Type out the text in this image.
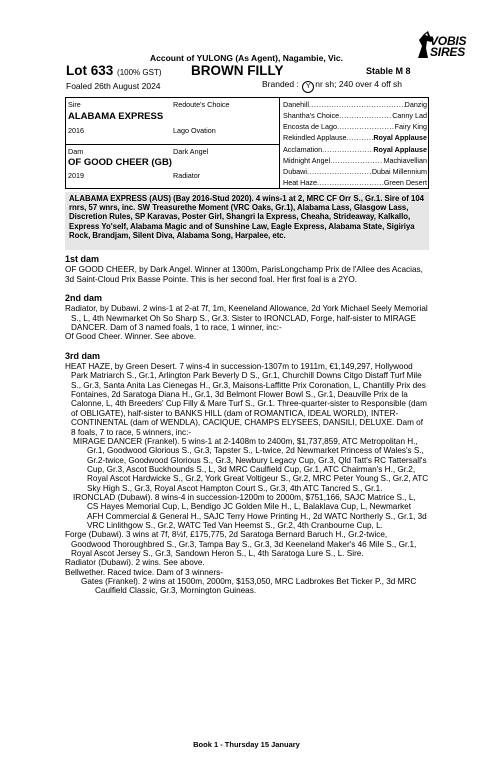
VOBIS
SIRES
Account of YULONG (As Agent), Nagambie, Vic.
Lot 633 (100% GST) BROWN FILLY	Stable M 8
Foaled 26th August 2024	Branded : Y nr sh; 240 over 4 off sh
Sire	Redoute's Choice
ALABAMA EXPRESS
2016	Lago Ovation
Dam	Dark Angel
OF GOOD CHEER (GB)
2019	Radiator
Danehill .....	Danzig
Shantha's Choice .....	Canny Lad
Encosta de Lago .....	Fairy King
Rekindled Applause .....	Royal Applause
Acclamation .....	Royal Applause
Midnight Angel .....	Machiavellian
Dubawi .....	Dubai Millennium
Heat Haze .....	Green Desert

ALABAMA EXPRESS (AUS) (Bay 2016-Stud 2020). 4 wins-1 at 2, MRC CF Orr S., Gr.1. Sire of 104 rnrs, 57 wnrs, inc. SW Treasurethe Moment (VRC Oaks, Gr.1), Alabama Lass, Glasgow Lass, Discretion Rules, SP Karavas, Poster Girl, Shangri la Express, Cheaha, Strideaway, Kalkallo, Express Yo'self, Alabama Magic and of Sunshine Law, Eagle Express, Alabama State, Sigiriya Rock, Brandjam, Silent Diva, Alabama Song, Harpalee, etc.

1st dam

OF GOOD CHEER, by Dark Angel. Winner at 1300m, ParisLongchamp Prix de l'Allee des Acacias, 3d Saint-Cloud Prix Basse Pointe. This is her second foal. Her first foal is a 2YO.

2nd dam

Radiator, by Dubawi. 2 wins-1 at 2-at 7f, 1m, Keeneland Allowance, 2d York Michael Seely Memorial S., L, 4th Newmarket Oh So Sharp S., Gr.3. Sister to IRONCLAD, Forge, half-sister to MIRAGE DANCER. Dam of 3 named foals, 1 to race, 1 winner, inc:-

Of Good Cheer. Winner. See above.

3rd dam

HEAT HAZE, by Green Desert. 7 wins-4 in succession-1307m to 1911m, €1,149,297, Hollywood Park Matriarch S., Gr.1, Arlington Park Beverly D S., Gr.1, Churchill Downs Citgo Distaff Turf Mile S., Gr.3, Santa Anita Las Cienegas H., Gr.3, Maisons-Laffitte Prix Coronation, L, Chantilly Prix des Fontaines, 2d Saratoga Diana H., Gr.1, 3d Belmont Flower Bowl S., Gr.1, Deauville Prix de la Calonne, L, 4th Breeders' Cup Filly & Mare Turf S., Gr.1. Three-quarter-sister to Responsible (dam of OBLIGATE), half-sister to BANKS HILL (dam of ROMANTICA, IDEAL WORLD), INTER-CONTINENTAL (dam of WENDLA), CACIQUE, CHAMPS ELYSEES, DANSILI, DELUXE. Dam of 8 foals, 7 to race, 5 winners, inc:-

MIRAGE DANCER (Frankel). 5 wins-1 at 2-1408m to 2400m, $1,737,859, ATC Metropolitan H., Gr.1, Goodwood Glorious S., Gr.3, Tapster S., L-twice, 2d Newmarket Princess of Wales's S., Gr.2-twice, Goodwood Glorious S., Gr.3, Newbury Legacy Cup, Gr.3, Qld Tatt's RC Tattersall's Cup, Gr.3, Ascot Buckhounds S., L, 3d MRC Caulfield Cup, Gr.1, ATC Chairman's H., Gr.2, Royal Ascot Hardwicke S., Gr.2, York Great Voltigeur S., Gr.2, MRC Peter Young S., Gr.2, ATC Sky High S., Gr.3, Royal Ascot Hampton Court S., Gr.3, 4th ATC Tancred S., Gr.1.

IRONCLAD (Dubawi). 8 wins-4 in succession-1200m to 2000m, $751,166, SAJC Matrice S., L, CS Hayes Memorial Cup, L, Bendigo JC Golden Mile H., L, Balaklava Cup, L, Newmarket AFH Commercial & General H., SAJC Terry Howe Printing H., 2d WATC Northerly S., Gr.1, 3d VRC Linlithgow S., Gr.2, WATC Ted Van Heemst S., Gr.2, 4th Cranbourne Cup, L.

Forge (Dubawi). 3 wins at 7f, 8½f, £175,775, 2d Saratoga Bernard Baruch H., Gr.2-twice, Goodwood Thoroughbred S., Gr.3, Tampa Bay S., Gr.3, 3d Keeneland Maker's 46 Mile S., Gr.1, Royal Ascot Jersey S., Gr.3, Sandown Heron S., L, 4th Saratoga Lure S., L. Sire.

Radiator (Dubawi). 2 wins. See above.

Bellwether. Raced twice. Dam of 3 winners-

Gates (Frankel). 2 wins at 1500m, 2000m, $153,050, MRC Ladbrokes Bet Ticker P., 3d MRC Caulfield Classic, Gr.3, Mornington Guineas.

Book 1 - Thursday 15 January
